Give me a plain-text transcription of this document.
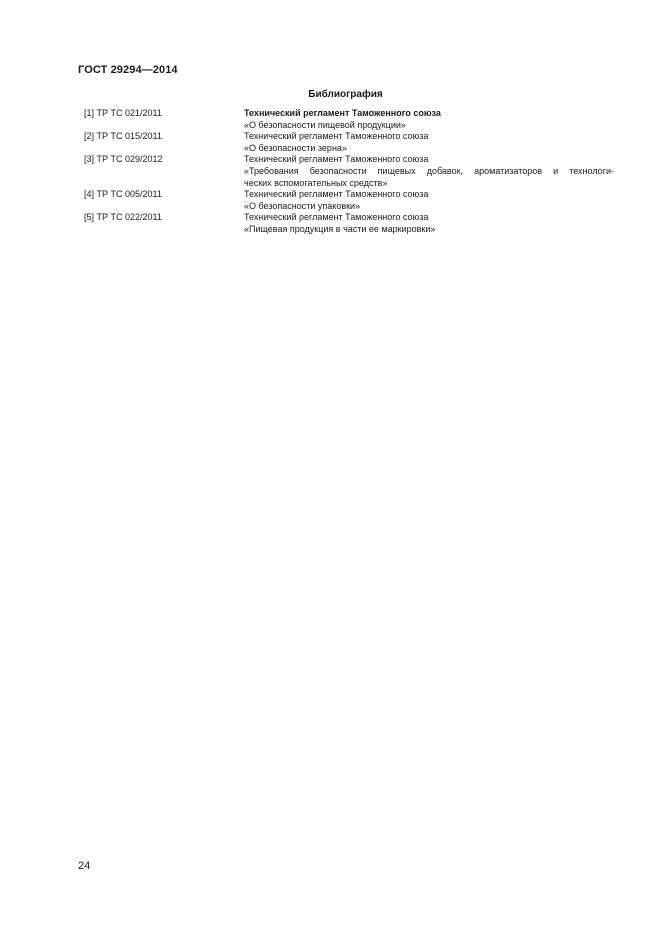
ГОСТ 29294—2014
Библиография
[1] ТР ТС 021/2011	Технический регламент Таможенного союза
«О безопасности пищевой продукции»
[2] ТР ТС 015/2011	Технический регламент Таможенного союза
«О безопасности зерна»
[3] ТР ТС 029/2012	Технический регламент Таможенного союза
«Требования безопасности пищевых добавок, ароматизаторов и технологи-
ческих вспомогательных средств»
[4] ТР ТС 005/2011	Технический регламент Таможенного союза
«О безопасности упаковки»
[5] ТР ТС 022/2011	Технический регламент Таможенного союза
«Пищевая продукция в части ее маркировки»
24
